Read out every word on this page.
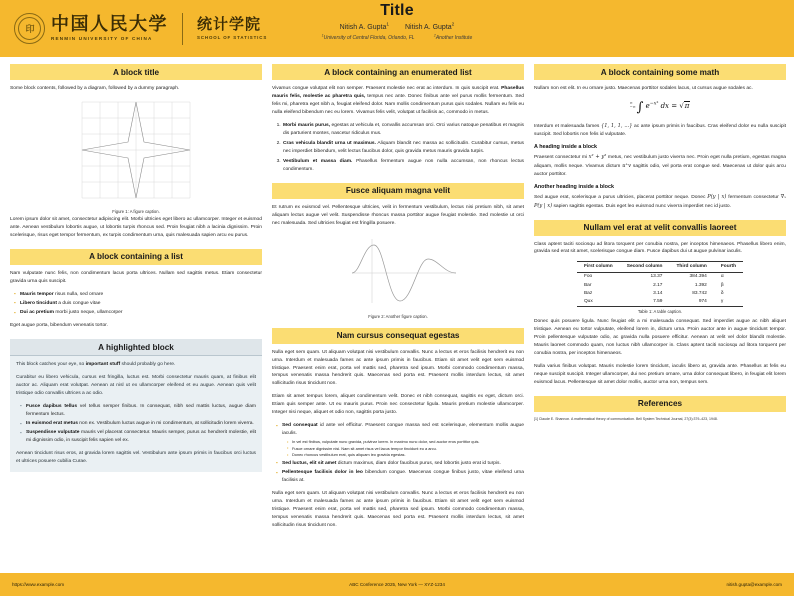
印 中国人民大学
RENMIN UNIVERSITY OF CHINA
统计学院
SCHOOL OF STATISTICS
Title
Nitish A. Gupta$^1$ Nitish A. Gupta$^2$
$^1$University of Central Florida, Orlando, FL	$^2$Another Institute
A block title

Some block contents, followed by a diagram, followed by a dummy paragraph.

Figure 1: A figure caption.

Lorem ipsum dolor sit amet, consectetur adipiscing elit. Morbi ultricies eget libero ac ullamcorper. Integer et euismod ante. Aenean vestibulum lobortis augue, ut lobortis turpis rhoncus sed. Proin feugiat nibh a lacinia dignissim. Proin scelerisque, risus eget tempor fermentum, ex turpis condimentum urna, quis malesuada sapien arcu eu purus.

A block containing a list

Nam vulputate nunc felis, non condimentum lacus porta ultrices. Nullam sed sagittis metus. Etiam consectetur gravida urna quis suscipit.

▪ Mauris tempor risus nulla, sed ornare
▪ Libero tincidunt a duis congue vitae
▪ Dui ac pretium morbi justo neque, ullamcorper

Eget augue porta, bibendum venenatis tortor.

A highlighted block

This block catches your eye, so important stuff should probably go here.

Curabitur eu libero vehicula, cursus est fringilla, luctus est. Morbi consectetur mauris quam, at finibus elit auctor ac. Aliquam erat volutpat. Aenean at nisl ut ex ullamcorper eleifend et eu augue. Aenean quis velit tristique odio convallis ultrices a ac odio.

▪ Fusce dapibus tellus vel tellus semper finibus. In consequat, nibh sed mattis luctus, augue diam fermentum lectus.
▪ In euismod erat metus non ex. Vestibulum luctus augue in mi condimentum, at sollicitudin lorem viverra.
▪ Suspendisse vulputate mauris vel placerat consectetur. Mauris semper, purus ac hendrerit molestie, elit mi dignissim odio, in suscipit felis sapien vel ex.

Aenean tincidunt risus eros, at gravida lorem sagittis vel. Vestibulum ante ipsum primis in faucibus orci luctus et ultrices posuere cubilia Curae.

A block containing an enumerated list

Vivamus congue volutpat elit non semper. Praesent molestie nec erat ac interdum. In quis suscipit erat. Phasellus mauris felis, molestie ac pharetra quis, tempus nec ante. Donec finibus ante vel purus mollis fermentum. Sed felis mi, pharetra eget nibh a, feugiat eleifend dolor. Nam mollis condimentum purus quis sodales. Nullam eu felis eu nulla eleifend bibendum nec eu lorem. Vivamus felis velit, volutpat ut facilisis ac, commodo in metus.

1. Morbi mauris purus, egestas at vehicula et, convallis accumsan orci. Orci varius natoque penatibus et magnis dis parturient montes, nascetur ridiculus mus.
2. Cras vehicula blandit urna ut maximus. Aliquam blandit nec massa ac sollicitudin. Curabitur cursus, metus nec imperdiet bibendum, velit lectus faucibus dolor, quis gravida metus mauris gravida turpis.
3. Vestibulum et massa diam. Phasellus fermentum augue non nulla accumsan, non rhoncus lectus condimentum.
Fusce aliquam magna velit

Et rutrum ex euismod vel. Pellentesque ultricies, velit in fermentum vestibulum, lectus nisi pretium nibh, sit amet aliquam lectus augue vel velit. Suspendisse rhoncus massa porttitor augue feugiat molestie. Sed molestie ut orci nec malesuada. Sed ultricies feugiat est fringilla posuere.

Figure 2: Another figure caption.
Nam cursus consequat egestas

Nulla eget sem quam. Ut aliquam volutpat nisi vestibulum convallis. Nunc a lectus et eros facilisis hendrerit eu non urna. Interdum et malesuada fames ac ante ipsum primis in faucibus. Etiam sit amet velit eget sem euismod tristique. Praesent enim erat, porta vel mattis sed, pharetra sed ipsum. Morbi commodo condimentum massa, tempus venenatis massa hendrerit quis. Maecenas sed porta est. Praesent mollis interdum lectus, sit amet sollicitudin risus tincidunt non.

Etiam sit amet tempus lorem, aliquet condimentum velit. Donec et nibh consequat, sagittis ex eget, dictum orci. Etiam quis semper ante. Ut eu mauris purus. Proin nec consectetur ligula. Mauris pretium molestie ullamcorper. Integer nisi neque, aliquet et odio non, sagittis porta justo.

▪ Sed consequat id ante vel efficitur. Praesent congue massa sed est scelerisque, elementum mollis augue iaculis.
• In vel est finibus, vulputate nunc gravida, pulvinar lorem. In maximo nunc dolor, sed auctor eros porttitor quis.
• Fusce ornare dignissim nisi. Nam sit amet risus vel lacus tempor tincidunt eu a arcu.
• Donec rhoncus vestibulum erat, quis aliquam leo gravida egestas.
▪ Sed luctus, elit sit amet dictum maximus, diam dolor faucibus purus, sed lobortis justo erat id turpis.
▪ Pellentesque facilisis dolor in leo bibendum congue. Maecenas congue finibus justo, vitae eleifend urna facilisis at.

Nulla eget sem quam. Ut aliquam volutpat nisi vestibulum convallis. Nunc a lectus et eros facilisis hendrerit eu non urna. Interdum et malesuada fames ac ante ipsum primis in faucibus. Etiam sit amet velit eget sem euismod tristique. Praesent enim erat, porta vel mattis sed, pharetra sed ipsum. Morbi commodo condimentum massa, tempus venenatis massa hendrerit quis. Maecenas sed porta est. Praesent mollis interdum lectus, sit amet sollicitudin risus tincidunt non.

A block containing some math

Nullam non est elit. In eu ornare justo. Maecenas porttitor sodales lacus, ut cursus augue sodales ac.

∞
−∞∫ $e^{-x^2}$ dx = √π

Interdum et malesuada fames {1, 1, 1, ...} ac ante ipsum primis in faucibus. Cras eleifend dolor eu nulla suscipit suscipit. Sed lobortis non felis id vulputate.

A heading inside a block

Praesent consectetur mi x² + y² metus, nec vestibulum justo viverra nec. Proin eget nulla pretium, egestas magna aliquam, mollis neque. Vivamus dictum u⁺v sagittis odio, vel porta erat congue sed. Maecenas ut dolor quis arcu auctor porttitor.

Another heading inside a block

Sed augue erat, scelerisque a purus ultricies, placerat porttitor neque. Donec P(y | x) fermentum consectetur ∇ₓ P(y | x) sapien sagittis egestas. Duis eget leo euismod nunc viverra imperdiet nec id justo.

Nullam vel erat at velit convallis laoreet

Class aptent taciti sociosqu ad litora torquent per conubia nostra, per inceptos himenaeos. Phasellus libero enim, gravida sed erat sit amet, scelerisque congue diam. Fusce dapibus dui ut augue pulvinar iaculis.

First column	Second column	Third column	Fourth
Foo	13.37	384.394	α
Bar	2.17	1.392	β
Baz	3.14	83.742	δ
Qux	7.59	974	γ
Table 1: A table caption.

Donec quis posuere ligula. Nunc feugiat elit a mi malesuada consequat. Sed imperdiet augue ac nibh aliquet tristique. Aenean eu tortor vulputate, eleifend lorem in, dictum urna. Proin auctor ante in augue tincidunt tempor. Proin pellentesque vulputate odio, ac gravida nulla posuere efficitur. Aenean at velit vel dolor blandit molestie. Mauris laoreet commodo quam, non luctus nibh ullamcorper in. Class aptent taciti sociosqu ad litora torquent per conubia nostra, per inceptos himenaeos.

Nulla varius finibus volutpat. Mauris molestie lorem tincidunt, iaculis libero at, gravida ante. Phasellus at felis eu neque suscipit suscipit. Integer ullamcorper, dui nec pretium ornare, urna dolor consequat libero, in feugiat elit lorem euismod lacus. Pellentesque sit amet dolor mollis, auctor urna non, tempus sem.

References
[1] Claude E. Shannon. A mathematical theory of communication. Bell System Technical Journal, 27(3):379–423, 1948.
https://www.example.com	ABC Conference 2025, New York — XYZ-1234	nitish.gupta@example.com
